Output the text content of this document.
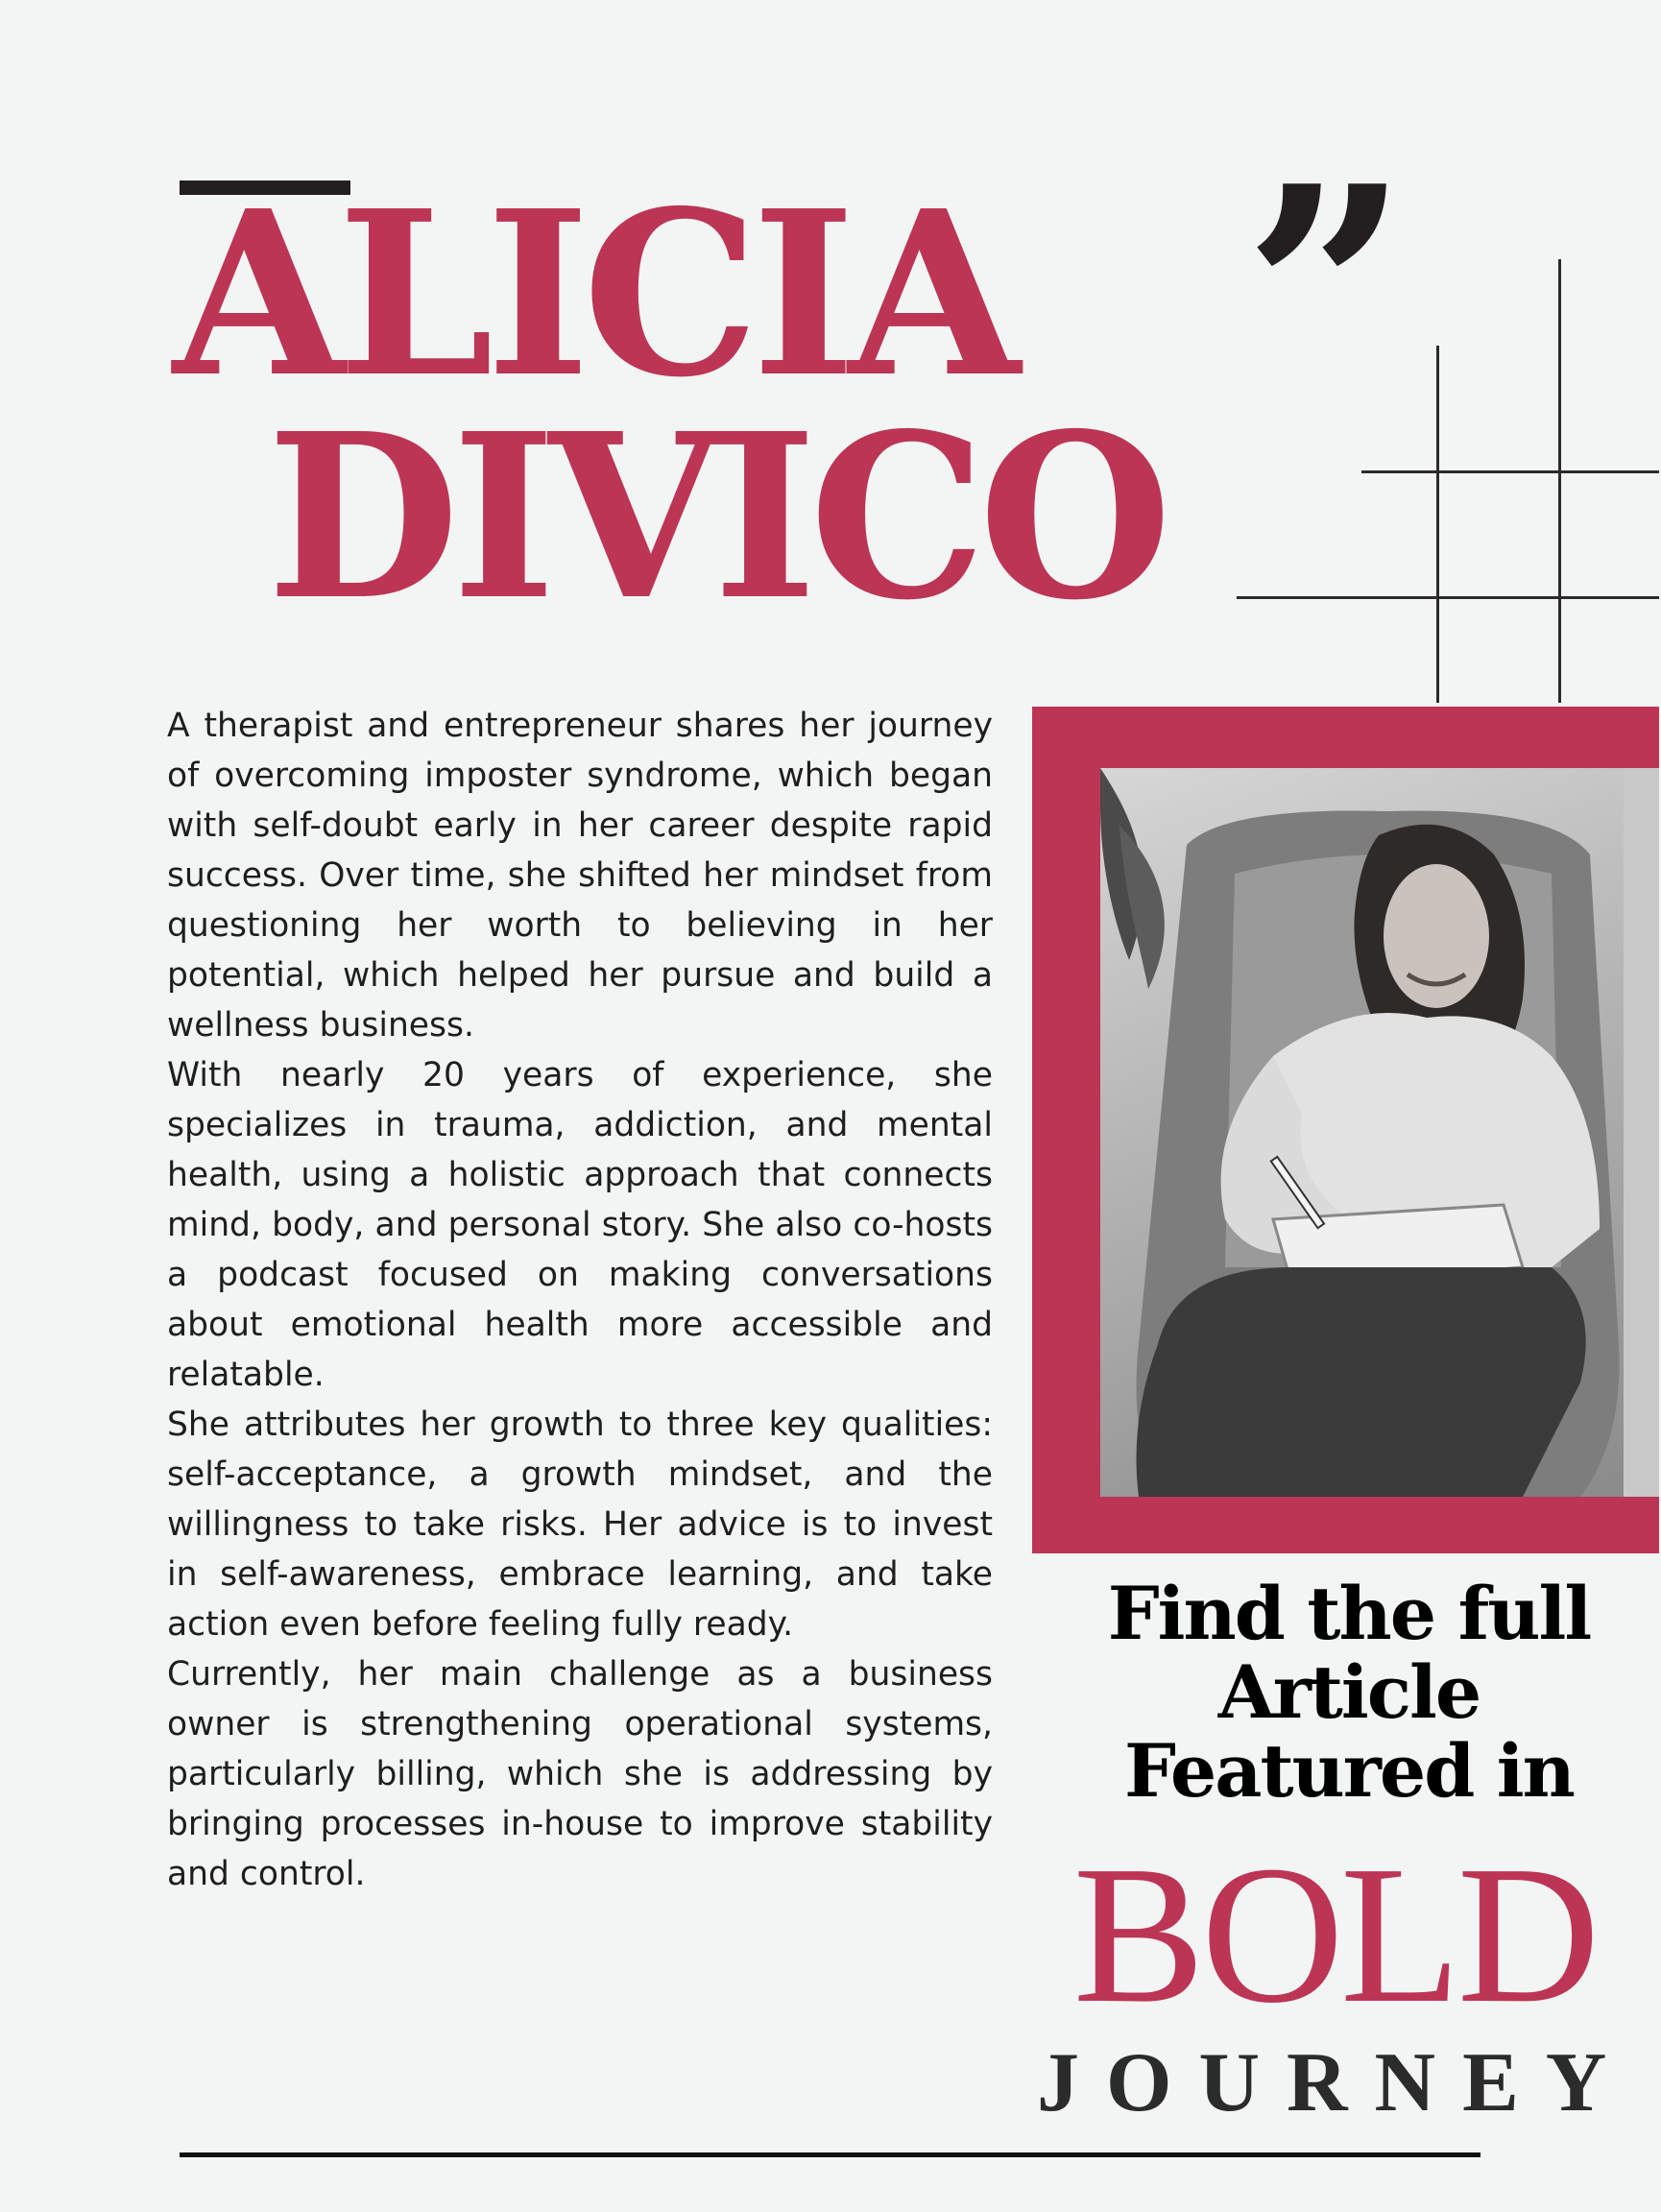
ALICIA
DIVICO
”

A therapist and entrepreneur shares her journey of overcoming imposter syndrome, which began with self-doubt early in her career despite rapid success. Over time, she shifted her mindset from questioning her worth to believing in her potential, which helped her pursue and build a wellness business.

With nearly 20 years of experience, she specializes in trauma, addiction, and mental health, using a holistic approach that connects mind, body, and personal story. She also co-hosts a podcast focused on making conversations about emotional health more accessible and relatable.

She attributes her growth to three key qualities: self-acceptance, a growth mindset, and the willingness to take risks. Her advice is to invest in self-awareness, embrace learning, and take action even before feeling fully ready.

Currently, her main challenge as a business owner is strengthening operational systems, particularly billing, which she is addressing by bringing processes in-house to improve stability and control.

Find the full
Article
Featured in
BOLD
JOURNEY
